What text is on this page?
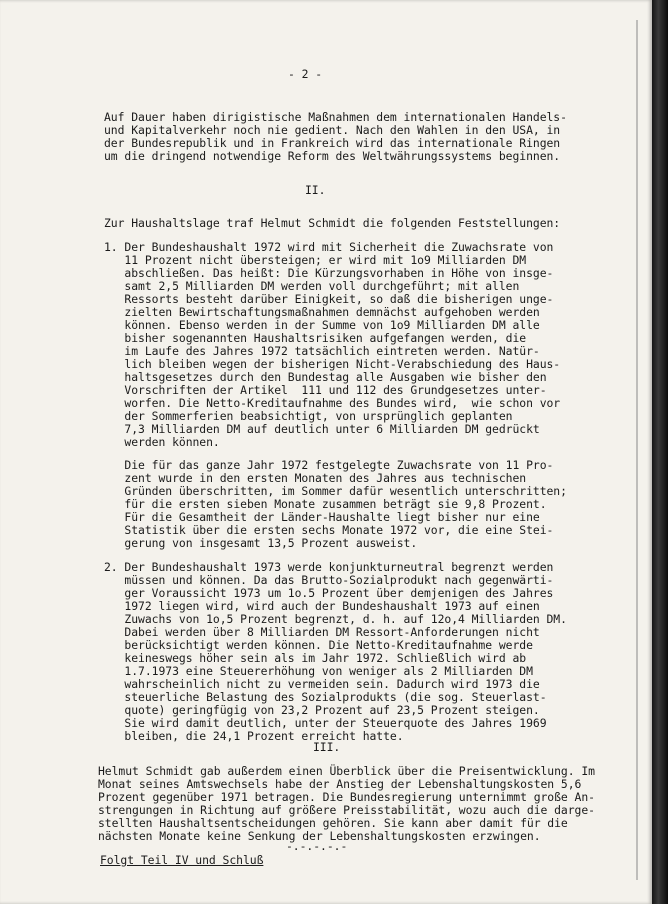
- 2 -
Auf Dauer haben dirigistische Maßnahmen dem internationalen Handels-
und Kapitalverkehr noch nie gedient. Nach den Wahlen in den USA, in
der Bundesrepublik und in Frankreich wird das internationale Ringen
um die dringend notwendige Reform des Weltwährungssystems beginnen.
II.
Zur Haushaltslage traf Helmut Schmidt die folgenden Feststellungen:
1. Der Bundeshaushalt 1972 wird mit Sicherheit die Zuwachsrate von
11 Prozent nicht übersteigen; er wird mit 1o9 Milliarden DM
abschließen. Das heißt: Die Kürzungsvorhaben in Höhe von insge-
samt 2,5 Milliarden DM werden voll durchgeführt; mit allen
Ressorts besteht darüber Einigkeit, so daß die bisherigen unge-
zielten Bewirtschaftungsmaßnahmen demnächst aufgehoben werden
können. Ebenso werden in der Summe von 1o9 Milliarden DM alle
bisher sogenannten Haushaltsrisiken aufgefangen werden, die
im Laufe des Jahres 1972 tatsächlich eintreten werden. Natür-
lich bleiben wegen der bisherigen Nicht-Verabschiedung des Haus-
haltsgesetzes durch den Bundestag alle Ausgaben wie bisher den
Vorschriften der Artikel  111 und 112 des Grundgesetzes unter-
worfen. Die Netto-Kreditaufnahme des Bundes wird,  wie schon vor
der Sommerferien beabsichtigt, von ursprünglich geplanten
7,3 Milliarden DM auf deutlich unter 6 Milliarden DM gedrückt
werden können.
Die für das ganze Jahr 1972 festgelegte Zuwachsrate von 11 Pro-
zent wurde in den ersten Monaten des Jahres aus technischen
Gründen überschritten, im Sommer dafür wesentlich unterschritten;
für die ersten sieben Monate zusammen beträgt sie 9,8 Prozent.
Für die Gesamtheit der Länder-Haushalte liegt bisher nur eine
Statistik über die ersten sechs Monate 1972 vor, die eine Stei-
gerung von insgesamt 13,5 Prozent ausweist.
2. Der Bundeshaushalt 1973 werde konjunkturneutral begrenzt werden
müssen und können. Da das Brutto-Sozialprodukt nach gegenwärti-
ger Voraussicht 1973 um 1o.5 Prozent über demjenigen des Jahres
1972 liegen wird, wird auch der Bundeshaushalt 1973 auf einen
Zuwachs von 1o,5 Prozent begrenzt, d. h. auf 12o,4 Milliarden DM.
Dabei werden über 8 Milliarden DM Ressort-Anforderungen nicht
berücksichtigt werden können. Die Netto-Kreditaufnahme werde
keineswegs höher sein als im Jahr 1972. Schließlich wird ab
1.7.1973 eine Steuererhöhung von weniger als 2 Milliarden DM
wahrscheinlich nicht zu vermeiden sein. Dadurch wird 1973 die
steuerliche Belastung des Sozialprodukts (die sog. Steuerlast-
quote) geringfügig von 23,2 Prozent auf 23,5 Prozent steigen.
Sie wird damit deutlich, unter der Steuerquote des Jahres 1969
bleiben, die 24,1 Prozent erreicht hatte.
III.
Helmut Schmidt gab außerdem einen Überblick über die Preisentwicklung. Im
Monat seines Amtswechsels habe der Anstieg der Lebenshaltungskosten 5,6
Prozent gegenüber 1971 betragen. Die Bundesregierung unternimmt große An-
strengungen in Richtung auf größere Preisstabilität, wozu auch die darge-
stellten Haushaltsentscheidungen gehören. Sie kann aber damit für die
nächsten Monate keine Senkung der Lebenshaltungskosten erzwingen.
-.-.-.-.-
Folgt Teil IV und Schluß
